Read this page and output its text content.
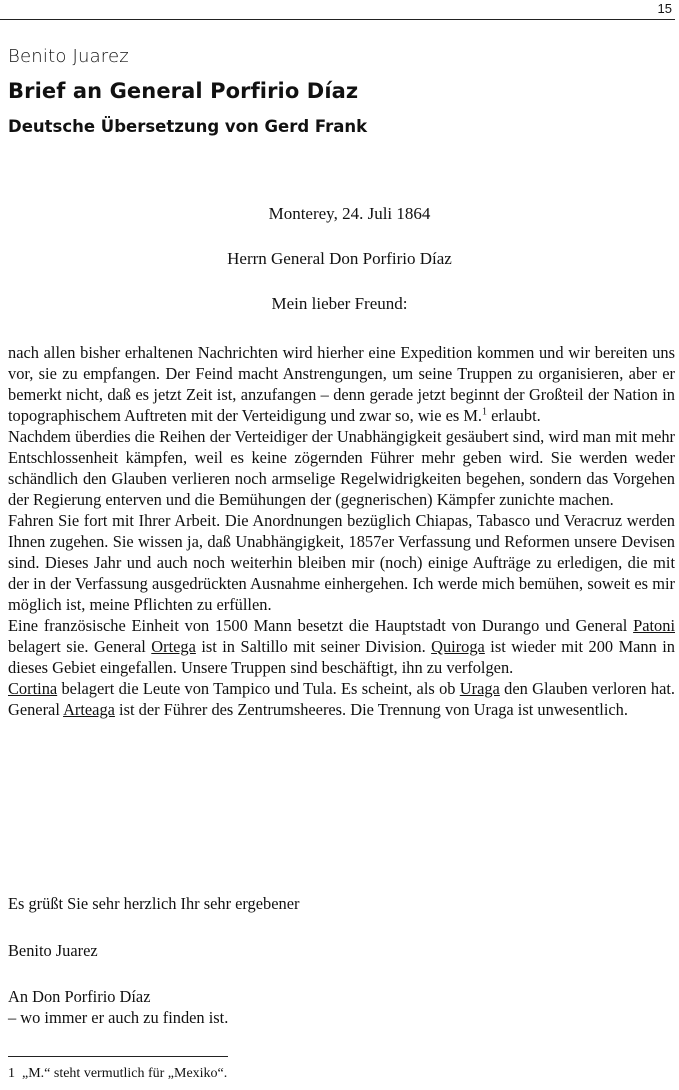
15
Benito Juarez
Brief an General Porfirio Díaz
Deutsche Übersetzung von Gerd Frank
Monterey, 24. Juli 1864
Herrn General Don Porfirio Díaz
Mein lieber Freund:

nach allen bisher erhaltenen Nachrichten wird hierher eine Expedition kommen und wir bereiten uns vor, sie zu empfangen. Der Feind macht Anstrengungen, um seine Truppen zu organisieren, aber er bemerkt nicht, daß es jetzt Zeit ist, anzufangen – denn gerade jetzt beginnt der Großteil der Nation in topographischem Auftreten mit der Verteidigung und zwar so, wie es M.$^1$ erlaubt.

Nachdem überdies die Reihen der Verteidiger der Unabhängigkeit gesäubert sind, wird man mit mehr Entschlossenheit kämpfen, weil es keine zögernden Führer mehr geben wird. Sie werden weder schändlich den Glauben verlieren noch armselige Regelwidrigkeiten begehen, sondern das Vorgehen der Regierung enterven und die Bemühungen der (gegnerischen) Kämpfer zunichte machen.

Fahren Sie fort mit Ihrer Arbeit. Die Anordnungen bezüglich Chiapas, Tabasco und Veracruz werden Ihnen zugehen. Sie wissen ja, daß Unabhängigkeit, 1857er Verfassung und Reformen unsere Devisen sind. Dieses Jahr und auch noch weiterhin bleiben mir (noch) einige Aufträge zu erledigen, die mit der in der Verfassung ausgedrückten Ausnahme einhergehen. Ich werde mich bemühen, soweit es mir möglich ist, meine Pflichten zu erfüllen.

Eine französische Einheit von 1500 Mann besetzt die Hauptstadt von Durango und General Patoni belagert sie. General Ortega ist in Saltillo mit seiner Division. Quiroga ist wieder mit 200 Mann in dieses Gebiet eingefallen. Unsere Truppen sind beschäftigt, ihn zu verfolgen.

Cortina belagert die Leute von Tampico und Tula. Es scheint, als ob Uraga den Glauben verloren hat. General Arteaga ist der Führer des Zentrumsheeres. Die Trennung von Uraga ist unwesentlich.

Es grüßt Sie sehr herzlich Ihr sehr ergebener
Benito Juarez
An Don Porfirio Díaz
– wo immer er auch zu finden ist.
1 „M.“ steht vermutlich für „Mexiko“.
